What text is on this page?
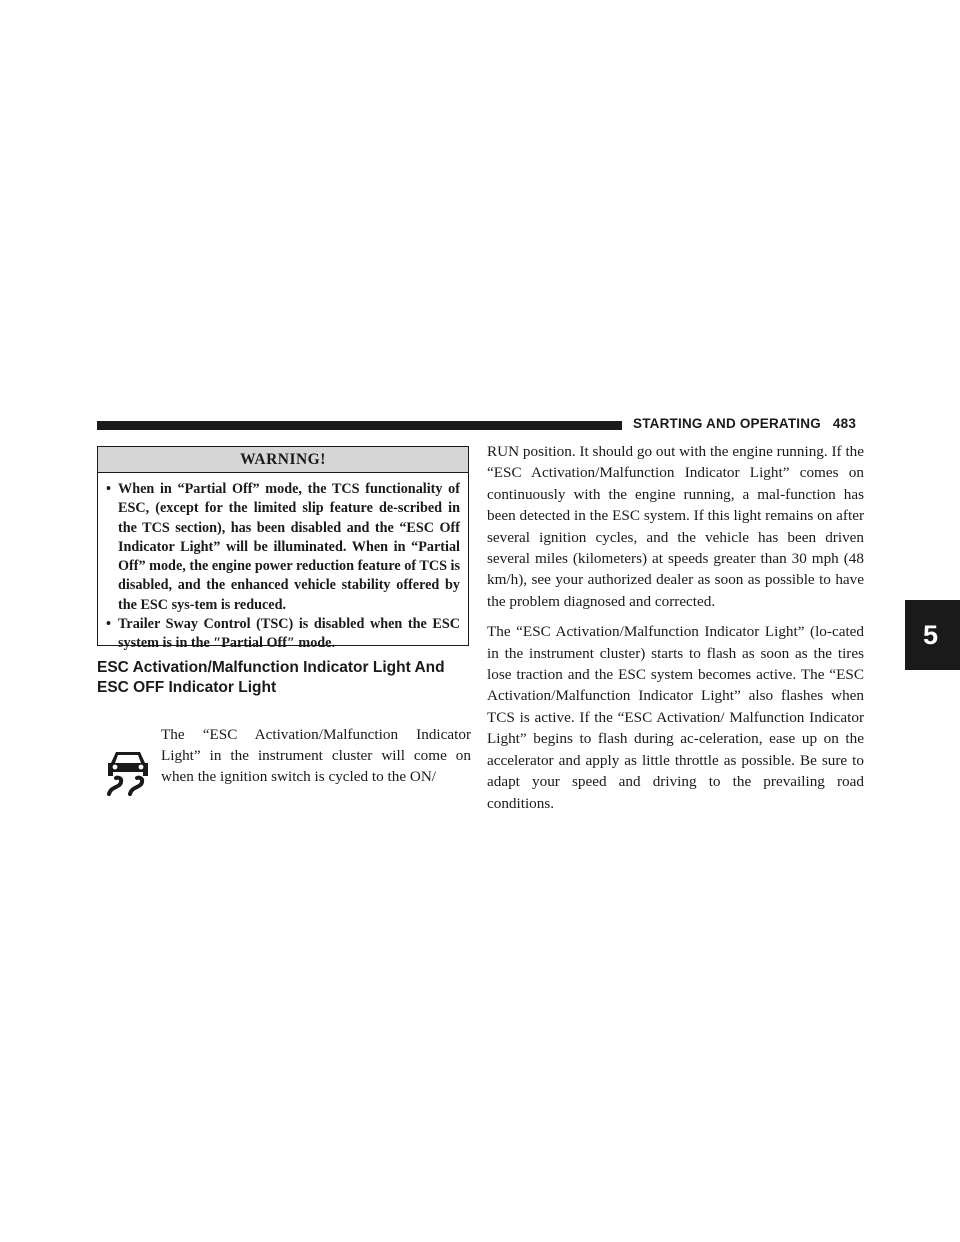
STARTING AND OPERATING 483
5
WARNING!
• When in “Partial Off” mode, the TCS functionality of ESC, (except for the limited slip feature de-scribed in the TCS section), has been disabled and the “ESC Off Indicator Light” will be illuminated. When in “Partial Off” mode, the engine power reduction feature of TCS is disabled, and the enhanced vehicle stability offered by the ESC sys-tem is reduced.
• Trailer Sway Control (TSC) is disabled when the ESC system is in the ″Partial Off″ mode.
ESC Activation/Malfunction Indicator Light And ESC OFF Indicator Light
The “ESC Activation/Malfunction Indicator Light” in the instrument cluster will come on when the ignition switch is cycled to the ON/

RUN position. It should go out with the engine running. If the “ESC Activation/Malfunction Indicator Light” comes on continuously with the engine running, a mal-function has been detected in the ESC system. If this light remains on after several ignition cycles, and the vehicle has been driven several miles (kilometers) at speeds greater than 30 mph (48 km/h), see your authorized dealer as soon as possible to have the problem diagnosed and corrected.

The “ESC Activation/Malfunction Indicator Light” (lo-cated in the instrument cluster) starts to flash as soon as the tires lose traction and the ESC system becomes active. The “ESC Activation/Malfunction Indicator Light” also flashes when TCS is active. If the “ESC Activation/ Malfunction Indicator Light” begins to flash during ac-celeration, ease up on the accelerator and apply as little throttle as possible. Be sure to adapt your speed and driving to the prevailing road conditions.
